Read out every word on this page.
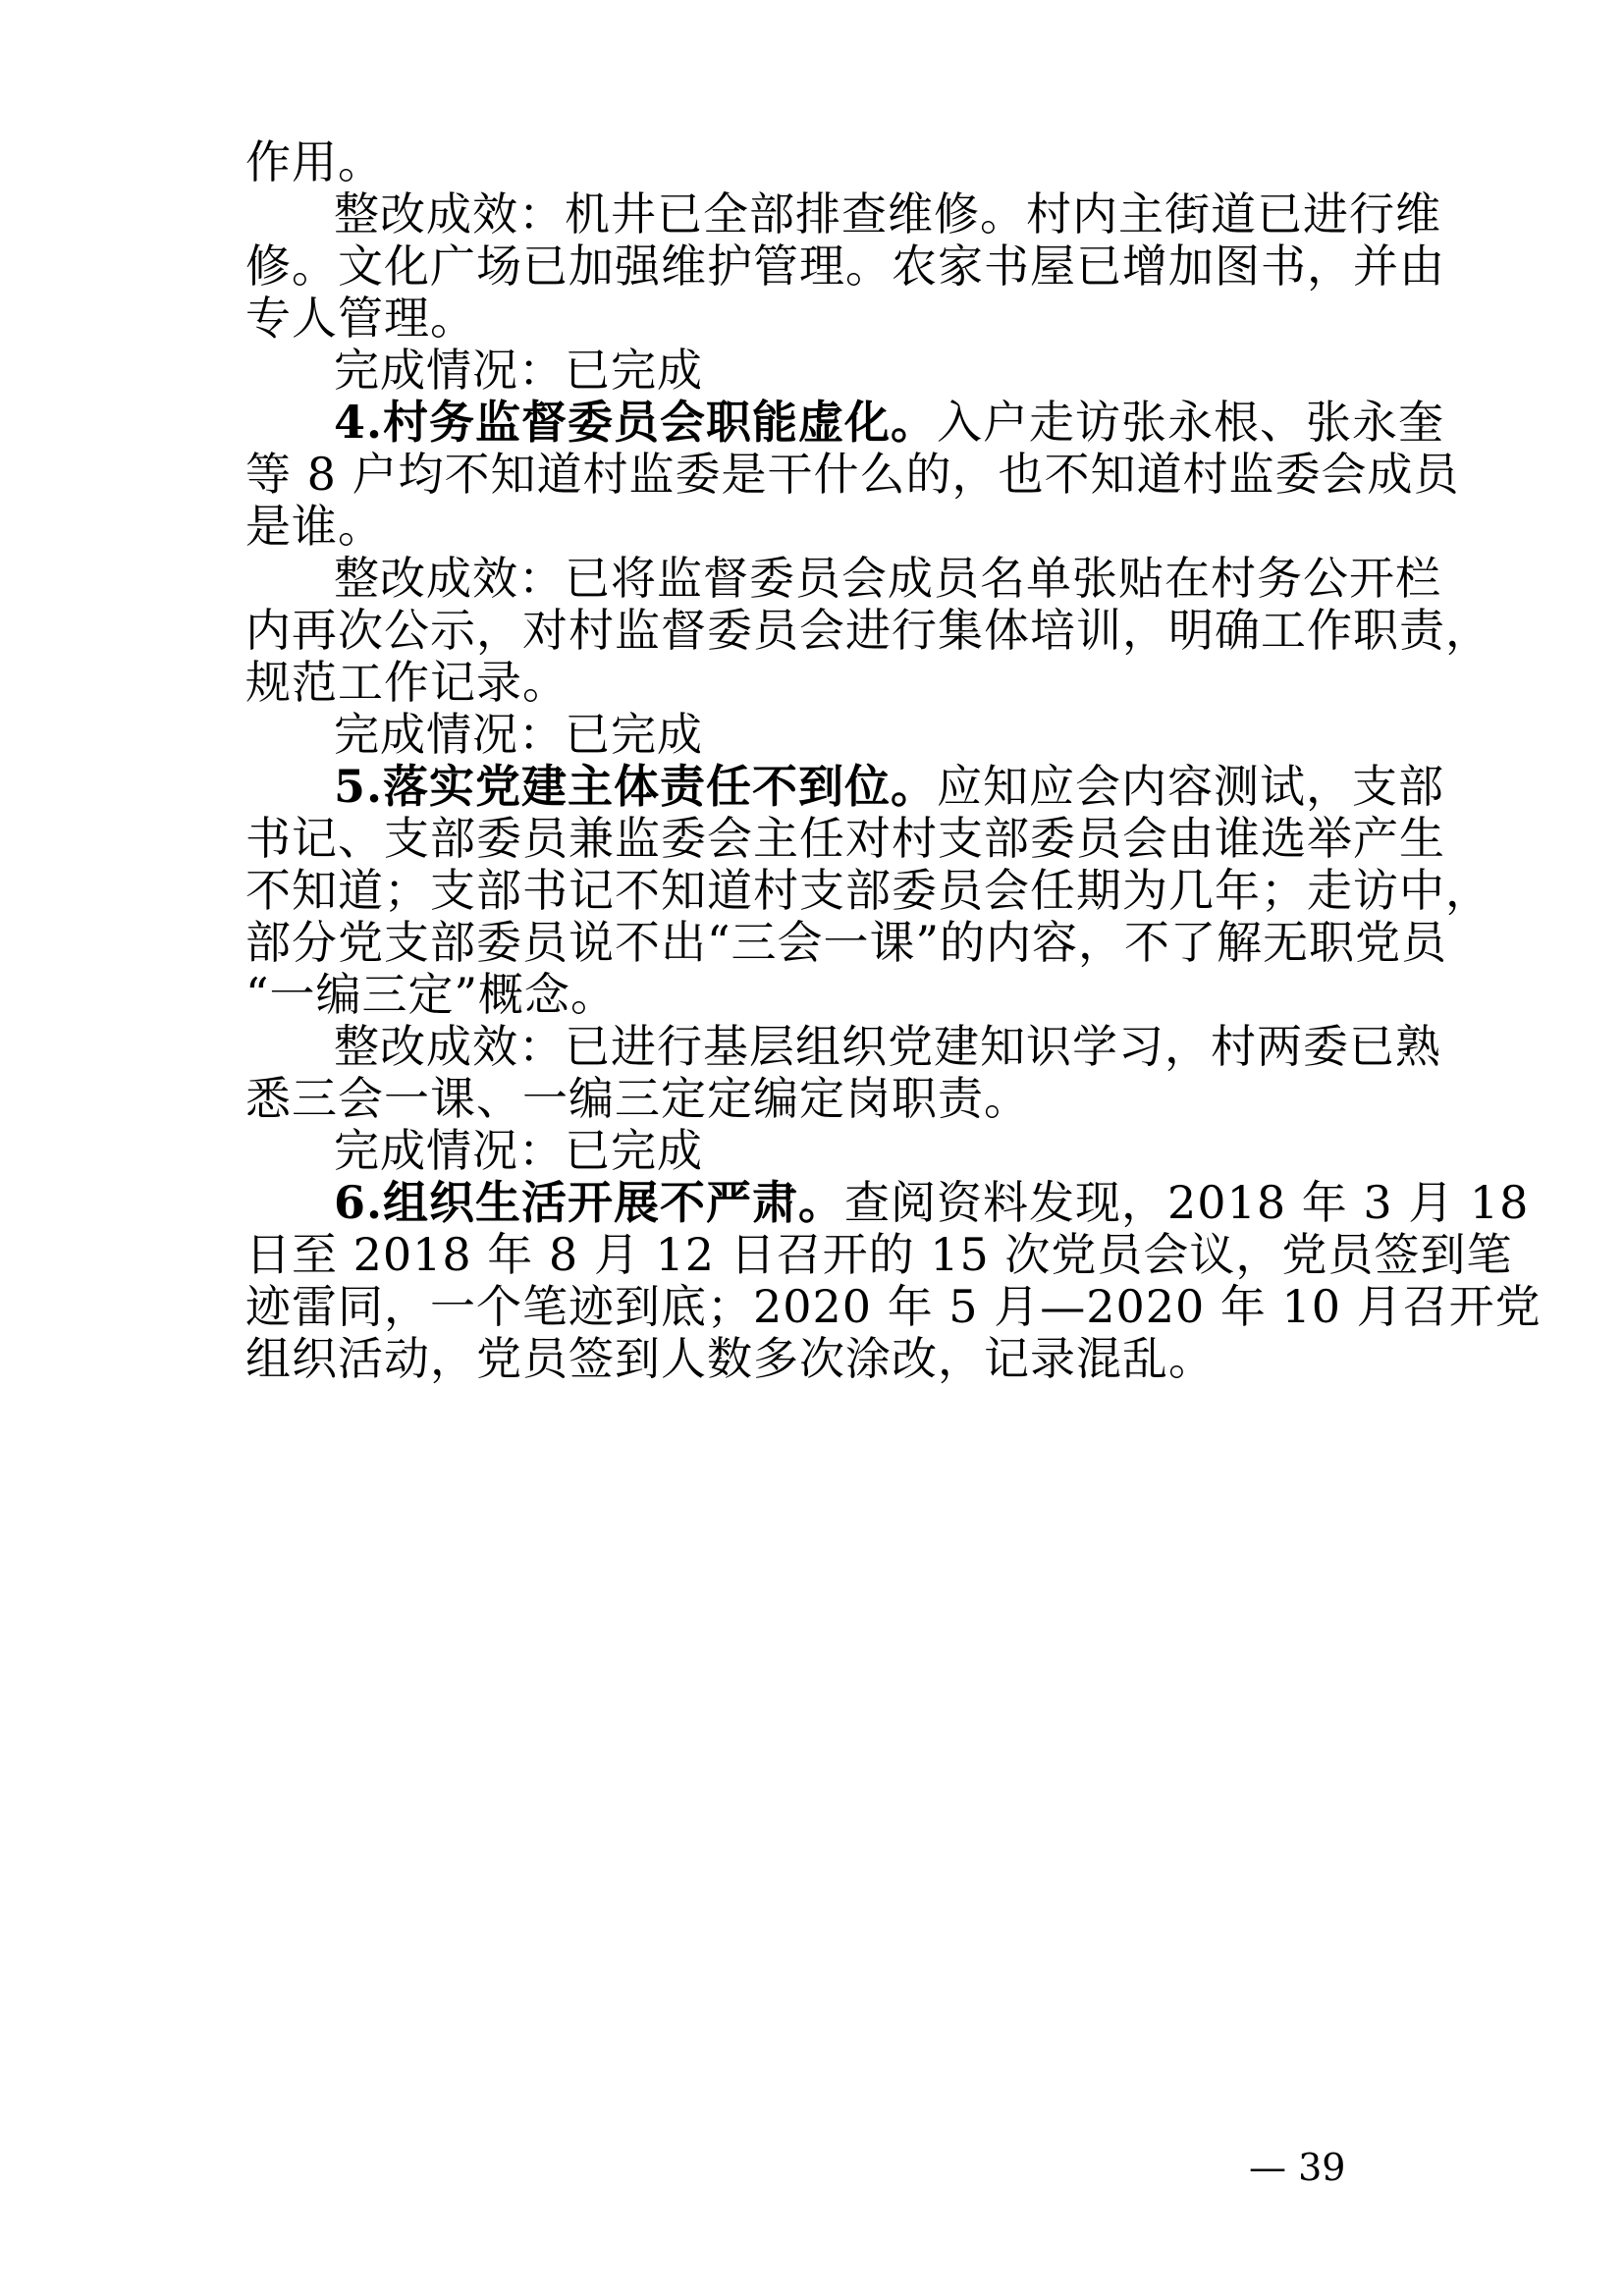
作用。
整改成效：机井已全部排查维修。村内主街道已进行维
修。文化广场已加强维护管理。农家书屋已增加图书，并由
专人管理。
完成情况：已完成
4.村务监督委员会职能虚化。入户走访张永根、张永奎
等 8 户均不知道村监委是干什么的，也不知道村监委会成员
是谁。
整改成效：已将监督委员会成员名单张贴在村务公开栏
内再次公示，对村监督委员会进行集体培训，明确工作职责，
规范工作记录。
完成情况：已完成
5.落实党建主体责任不到位。应知应会内容测试，支部
书记、支部委员兼监委会主任对村支部委员会由谁选举产生
不知道；支部书记不知道村支部委员会任期为几年；走访中，
部分党支部委员说不出“三会一课”的内容，不了解无职党员
“一编三定”概念。
整改成效：已进行基层组织党建知识学习，村两委已熟
悉三会一课、一编三定定编定岗职责。
完成情况：已完成
6.组织生活开展不严肃。查阅资料发现，2018 年 3 月 18
日至 2018 年 8 月 12 日召开的 15 次党员会议，党员签到笔
迹雷同，一个笔迹到底；2020 年 5 月—2020 年 10 月召开党
组织活动，党员签到人数多次涂改，记录混乱。
— 39
